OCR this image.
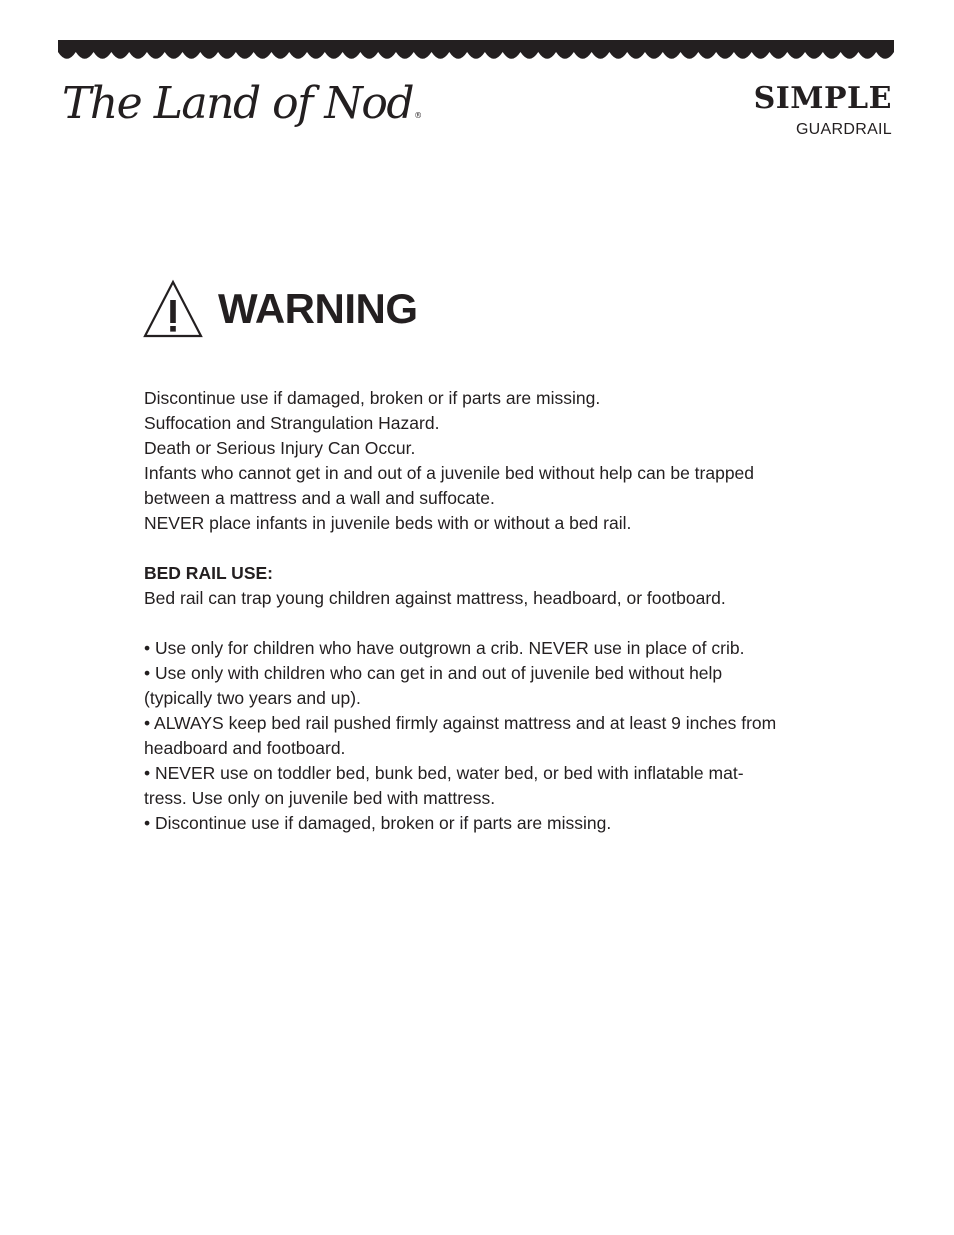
The Land of Nod®	SIMPLE
GUARDRAIL
WARNING

Discontinue use if damaged, broken or if parts are missing.

Suffocation and Strangulation Hazard.

Death or Serious Injury Can Occur.

Infants who cannot get in and out of a juvenile bed without help can be trapped

between a mattress and a wall and suffocate.

NEVER place infants in juvenile beds with or without a bed rail.

BED RAIL USE:

Bed rail can trap young children against mattress, headboard, or footboard.

• Use only for children who have outgrown a crib. NEVER use in place of crib.

• Use only with children who can get in and out of juvenile bed without help

(typically two years and up).

• ALWAYS keep bed rail pushed firmly against mattress and at least 9 inches from

headboard and footboard.

• NEVER use on toddler bed, bunk bed, water bed, or bed with inflatable mat-

tress. Use only on juvenile bed with mattress.

• Discontinue use if damaged, broken or if parts are missing.
